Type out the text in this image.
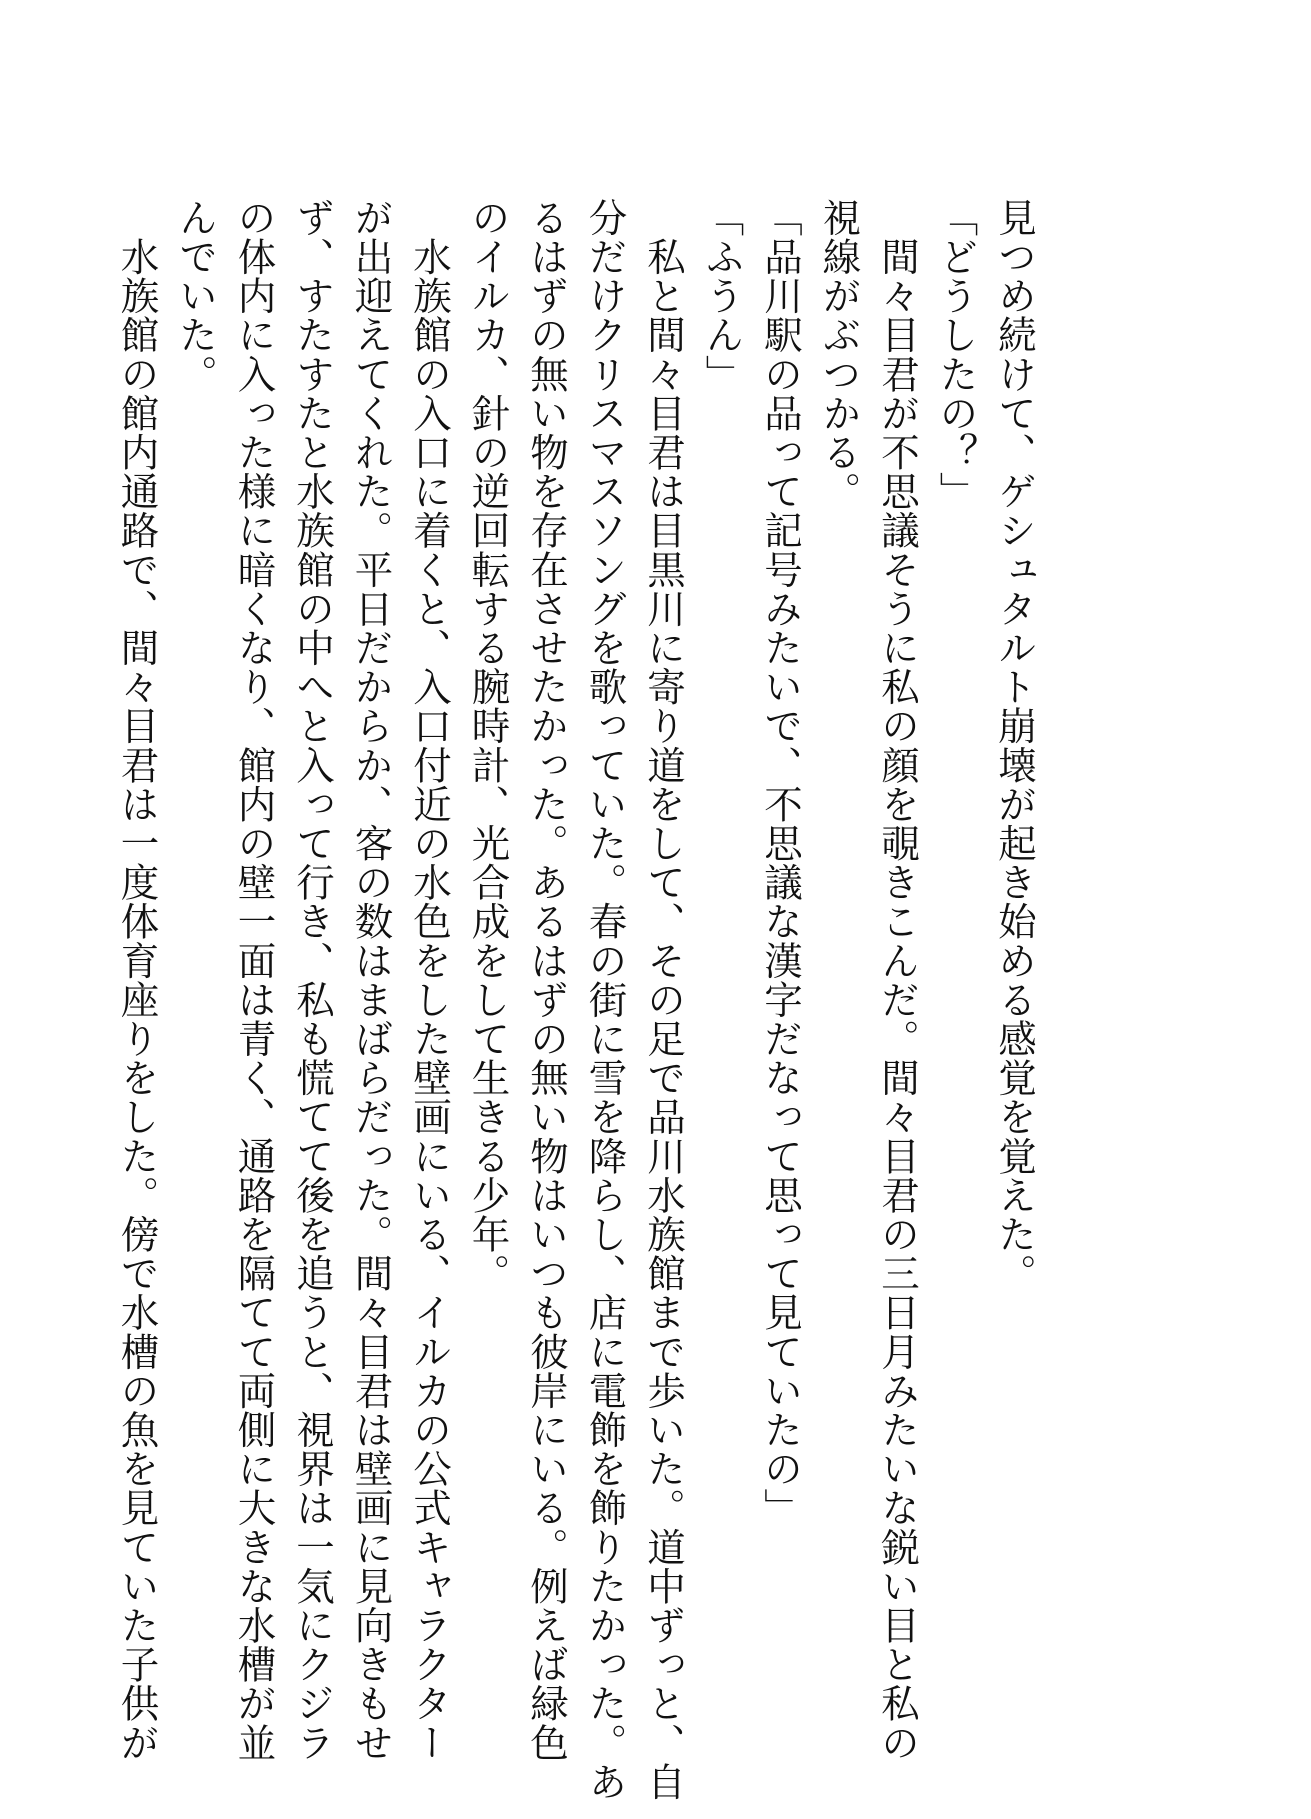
見つめ続けて、ゲシュタルト崩壊が起き始める感覚を覚えた。
「どうしたの？」
　間々目君が不思議そうに私の顔を覗きこんだ。間々目君の三日月みたいな鋭い目と私の
視線がぶつかる。
「品川駅の品って記号みたいで、不思議な漢字だなって思って見ていたの」
「ふうん」
　私と間々目君は目黒川に寄り道をして、その足で品川水族館まで歩いた。道中ずっと、自
分だけクリスマスソングを歌っていた。春の街に雪を降らし、店に電飾を飾りたかった。あ
るはずの無い物を存在させたかった。あるはずの無い物はいつも彼岸にいる。例えば緑色
のイルカ、針の逆回転する腕時計、光合成をして生きる少年。
　水族館の入口に着くと、入口付近の水色をした壁画にいる、イルカの公式キャラクター
が出迎えてくれた。平日だからか、客の数はまばらだった。間々目君は壁画に見向きもせ
ず、すたすたと水族館の中へと入って行き、私も慌てて後を追うと、視界は一気にクジラ
の体内に入った様に暗くなり、館内の壁一面は青く、通路を隔てて両側に大きな水槽が並
んでいた。
　水族館の館内通路で、間々目君は一度体育座りをした。傍で水槽の魚を見ていた子供が
